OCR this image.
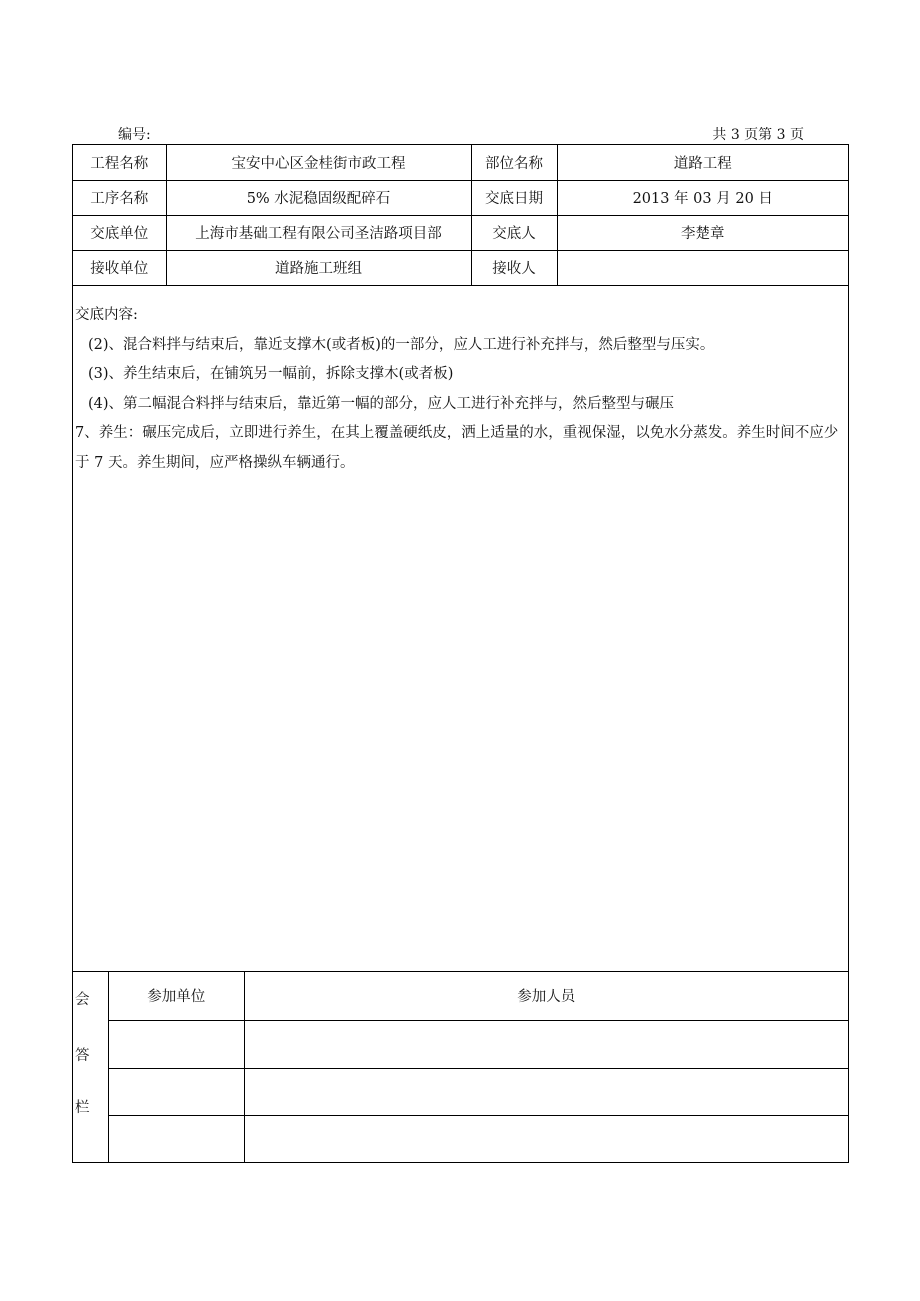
编号:	共 3 页第 3 页
工程名称	宝安中心区金桂街市政工程	部位名称	道路工程
工序名称	5% 水泥稳固级配碎石	交底日期	2013 年 03 月 20 日
交底单位	上海市基础工程有限公司圣洁路项目部	交底人	李楚章
接收单位	道路施工班组	接收人	

交底内容:

(2)、混合料拌与结束后，靠近支撑木(或者板)的一部分，应人工进行补充拌与，然后整型与压实。

(3)、养生结束后，在铺筑另一幅前，拆除支撑木(或者板)

(4)、第二幅混合料拌与结束后，靠近第一幅的部分，应人工进行补充拌与，然后整型与碾压

7、养生：碾压完成后，立即进行养生，在其上覆盖硬纸皮，洒上适量的水，重视保湿，以免水分蒸发。养生时间不应少于 7 天。养生期间，应严格操纵车辆通行。

会
答
栏
参加单位	参加人员
